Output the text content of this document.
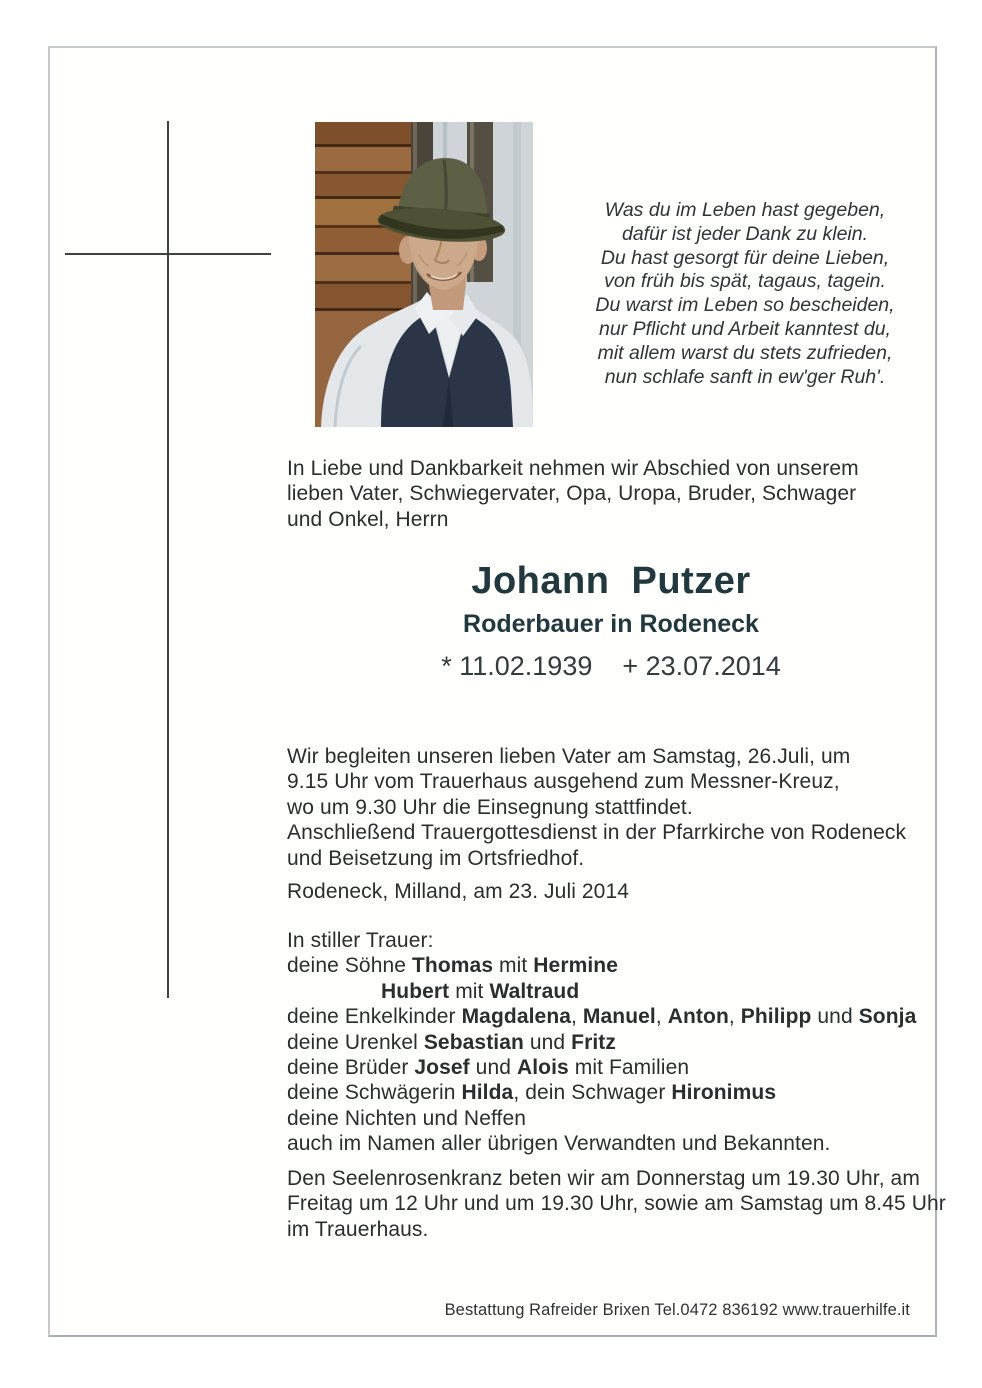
Was du im Leben hast gegeben,
dafür ist jeder Dank zu klein.
Du hast gesorgt für deine Lieben,
von früh bis spät, tagaus, tagein.
Du warst im Leben so bescheiden,
nur Pflicht und Arbeit kanntest du,
mit allem warst du stets zufrieden,
nun schlafe sanft in ew'ger Ruh'.
In Liebe und Dankbarkeit nehmen wir Abschied von unserem
lieben Vater, Schwiegervater, Opa, Uropa, Bruder, Schwager
und Onkel, Herrn
Johann  Putzer
Roderbauer in Rodeneck
* 11.02.1939 + 23.07.2014
Wir begleiten unseren lieben Vater am Samstag, 26.Juli, um
9.15 Uhr vom Trauerhaus ausgehend zum Messner-Kreuz,
wo um 9.30 Uhr die Einsegnung stattfindet.
Anschließend Trauergottesdienst in der Pfarrkirche von Rodeneck
und Beisetzung im Ortsfriedhof.
Rodeneck, Milland, am 23. Juli 2014
In stiller Trauer:
deine Söhne Thomas mit Hermine
Hubert mit Waltraud
deine Enkelkinder Magdalena, Manuel, Anton, Philipp und Sonja
deine Urenkel Sebastian und Fritz
deine Brüder Josef und Alois mit Familien
deine Schwägerin Hilda, dein Schwager Hironimus
deine Nichten und Neffen
auch im Namen aller übrigen Verwandten und Bekannten.
Den Seelenrosenkranz beten wir am Donnerstag um 19.30 Uhr, am
Freitag um 12 Uhr und um 19.30 Uhr, sowie am Samstag um 8.45 Uhr
im Trauerhaus.
Bestattung Rafreider Brixen Tel.0472 836192 www.trauerhilfe.it
